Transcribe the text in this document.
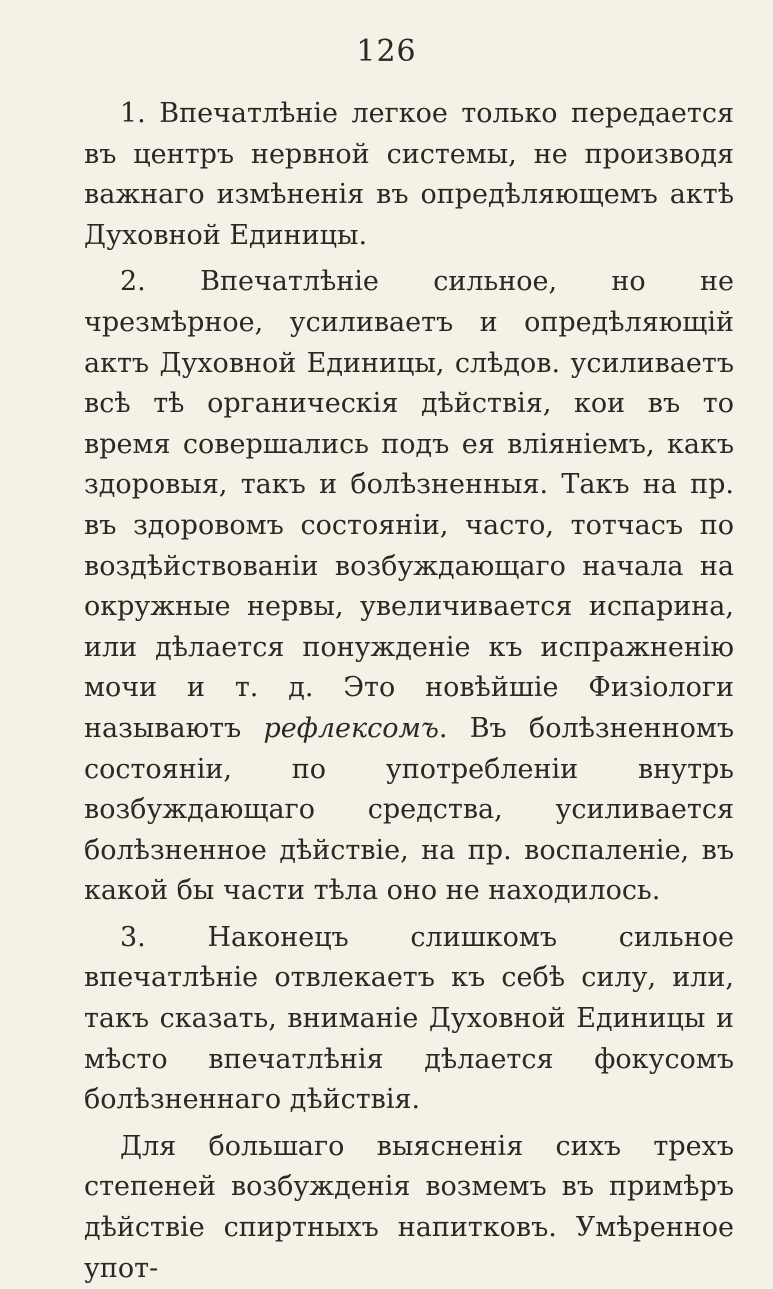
126

1. Впечатлѣніе легкое только передается въ центръ нервной системы, не производя важнаго измѣненія въ опредѣляющемъ актѣ Духовной Единицы.

2. Впечатлѣніе сильное, но не чрезмѣрное, усиливаетъ и опредѣляющій актъ Духовной Единицы, слѣдов. усиливаетъ всѣ тѣ органическія дѣйствія, кои въ то время совершались подъ ея вліяніемъ, какъ здоровыя, такъ и болѣзненныя. Такъ на пр. въ здоровомъ состояніи, часто, тотчасъ по воздѣйствованіи возбуждающаго начала на окружные нервы, увеличивается испарина, или дѣлается понужденіе къ испражненію мочи и т. д. Это новѣйшіе Физіологи называютъ рефлексомъ. Въ болѣзненномъ состояніи, по употребленіи внутрь возбуждающаго средства, усиливается болѣзненное дѣйствіе, на пр. воспаленіе, въ какой бы части тѣла оно не находилось.

3. Наконецъ слишкомъ сильное впечатлѣніе отвлекаетъ къ себѣ силу, или, такъ сказать, вниманіе Духовной Единицы и мѣсто впечатлѣнія дѣлается фокусомъ болѣзненнаго дѣйствія.

Для большаго выясненія сихъ трехъ степеней возбужденія возмемъ въ примѣръ дѣйствіе спиртныхъ напитковъ. Умѣренное упот-
